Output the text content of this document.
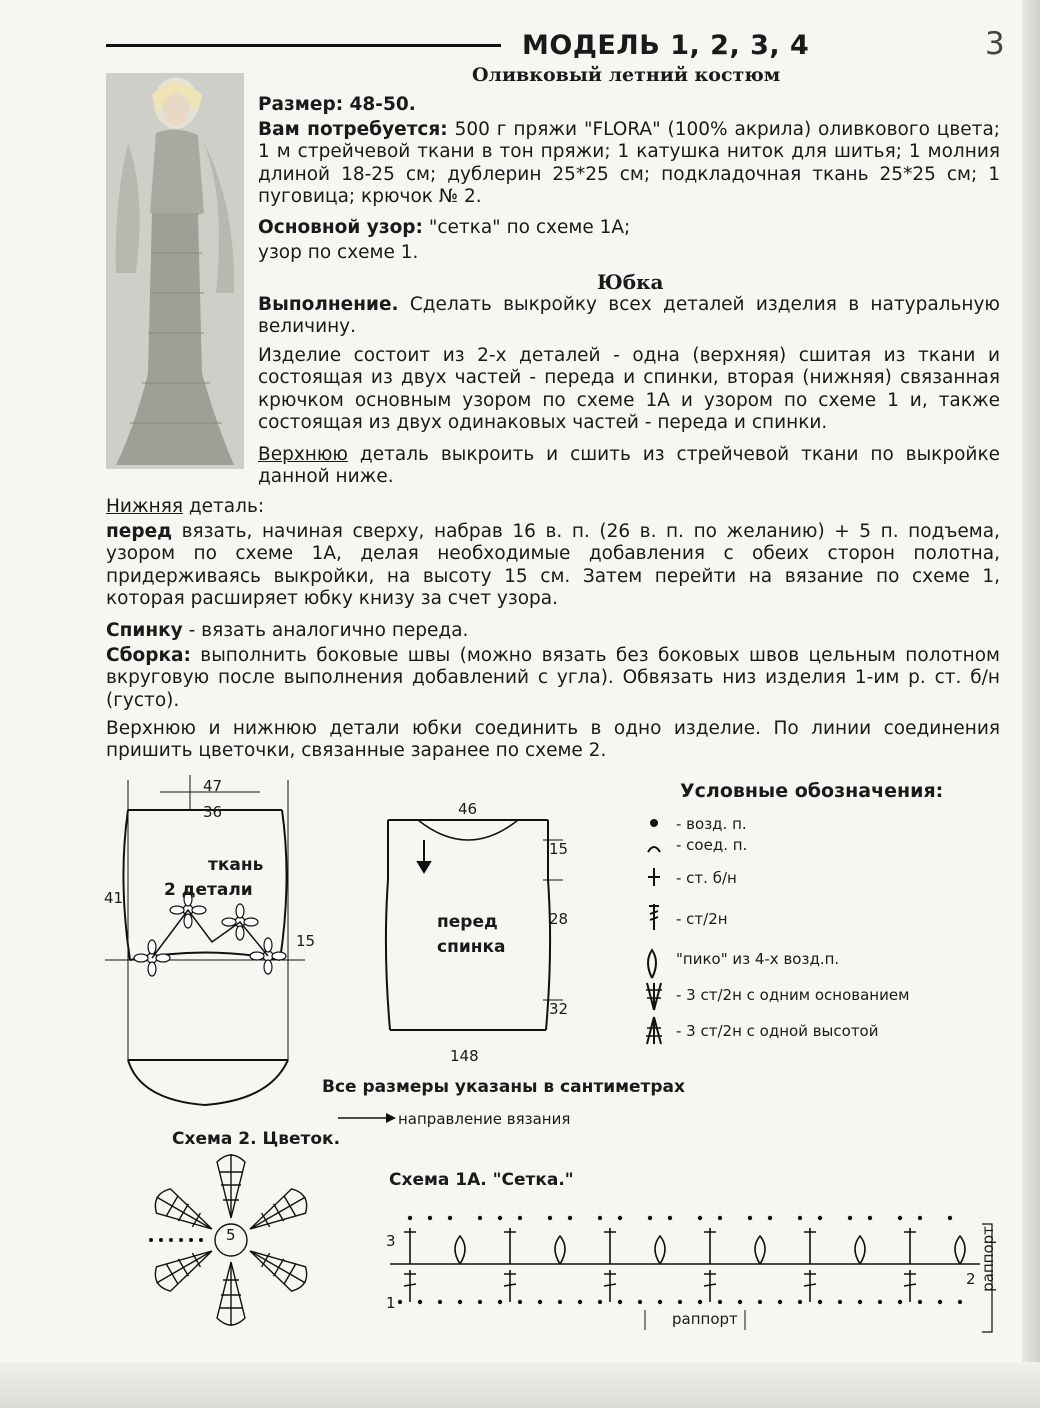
МОДЕЛЬ 1, 2, 3, 4	3
Оливковый летний костюм
Размер: 48-50.
Вам потребуется: 500 г пряжи "FLORA" (100% акрила) оливкового цвета; 1 м стрейчевой ткани в тон пряжи; 1 катушка ниток для шитья; 1 молния длиной 18-25 см; дублерин 25*25 см; подкладочная ткань 25*25 см; 1 пуговица; крючок № 2.
Основной узор: "сетка" по схеме 1А;
узор по схеме 1.
Юбка
Выполнение. Сделать выкройку всех деталей изделия в натуральную величину.
Изделие состоит из 2-х деталей - одна (верхняя) сшитая из ткани и состоящая из двух частей - переда и спинки, вторая (нижняя) связанная крючком основным узором по схеме 1А и узором по схеме 1 и, также состоящая из двух одинаковых частей - переда и спинки.
Верхнюю деталь выкроить и сшить из стрейчевой ткани по выкройке данной ниже.
Нижняя деталь:
перед вязать, начиная сверху, набрав 16 в. п. (26 в. п. по желанию) + 5 п. подъема, узором по схеме 1А, делая необходимые добавления с обеих сторон полотна, придерживаясь выкройки, на высоту 15 см. Затем перейти на вязание по схеме 1, которая расширяет юбку книзу за счет узора.
Спинку - вязать аналогично переда.
Сборка: выполнить боковые швы (можно вязать без боковых швов цельным полотном вкруговую после выполнения добавлений с угла). Обвязать низ изделия 1-им р. ст. б/н (густо).
Верхнюю и нижнюю детали юбки соединить в одно изделие. По линии соединения пришить цветочки, связанные заранее по схеме 2.
47
36
41
15
ткань
2 детали
46
15
28
32
148
перед
спинка
Все размеры указаны в сантиметрах
направление вязания
Условные обозначения:
- возд. п.
- соед. п.
- ст. б/н
- ст/2н
"пико" из 4-х возд.п.
- 3 ст/2н с одним основанием
- 3 ст/2н с одной высотой
Схема 2. Цветок.
5
Схема 1А. "Сетка."
3
1
2
раппорт
раппорт
